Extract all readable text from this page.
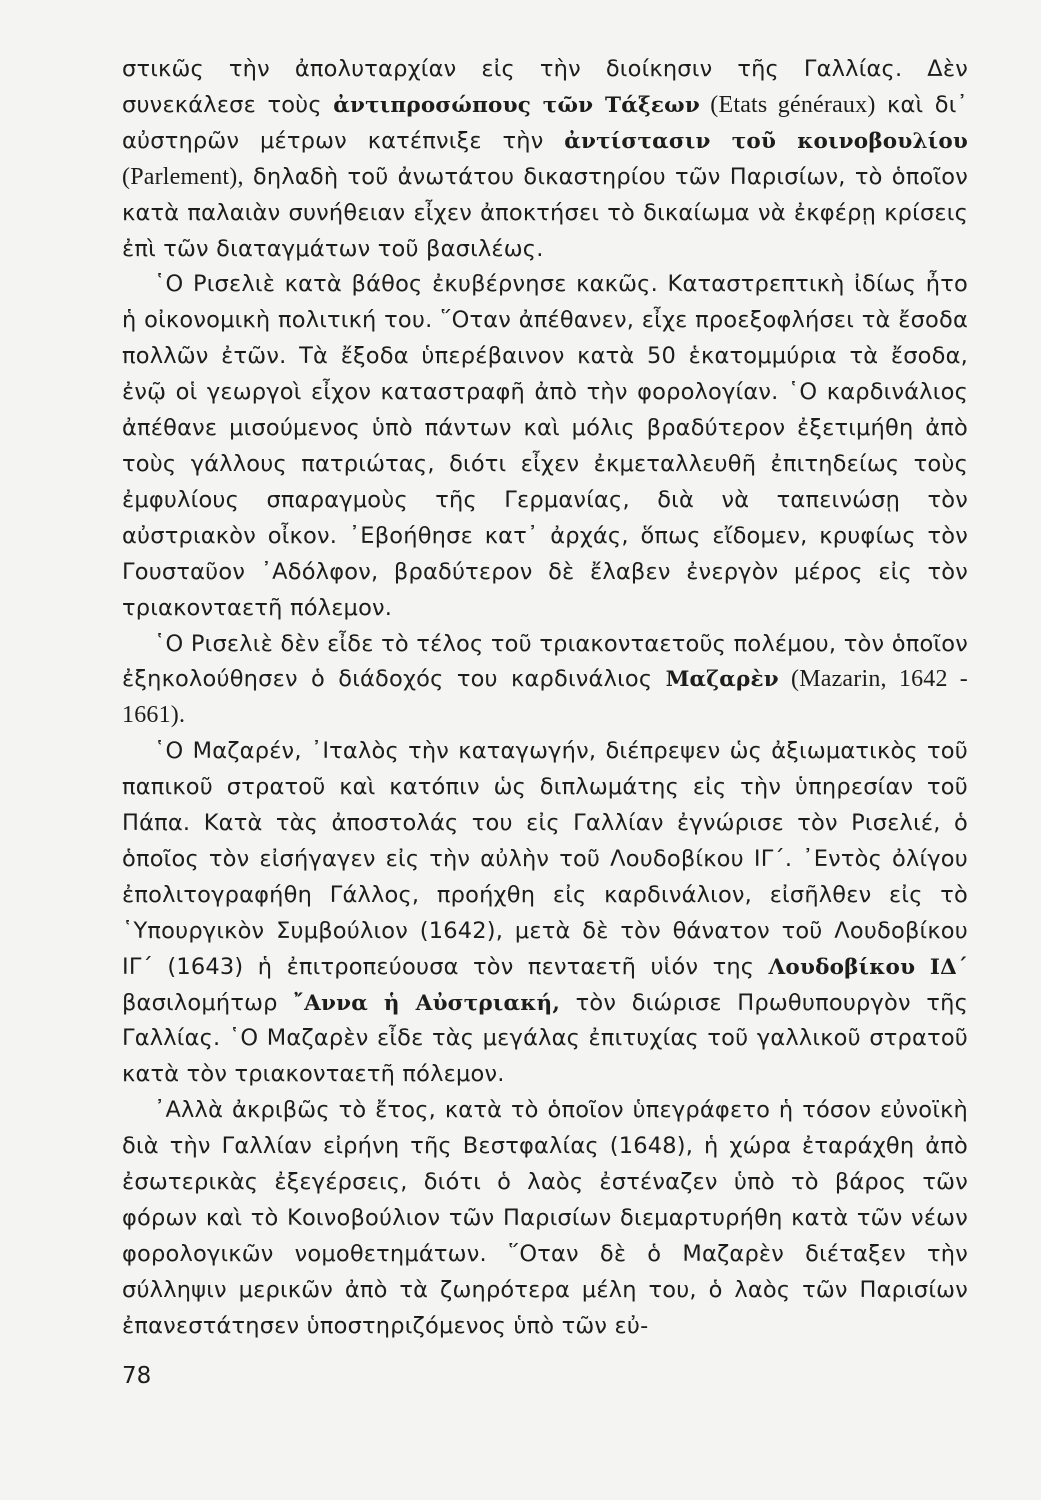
στικῶς τὴν ἀπολυταρχίαν εἰς τὴν διοίκησιν τῆς Γαλλίας. Δὲν συνεκάλεσε τοὺς ἀντιπροσώπους τῶν Τάξεων (Etats généraux) καὶ δι᾿ αὐστηρῶν μέτρων κατέπνιξε τὴν ἀντίστασιν τοῦ κοινοβουλίου (Parlement), δηλαδὴ τοῦ ἀνωτάτου δικαστηρίου τῶν Παρισίων, τὸ ὁποῖον κατὰ παλαιὰν συνήθειαν εἶχεν ἀποκτήσει τὸ δικαίωμα νὰ ἐκφέρῃ κρίσεις ἐπὶ τῶν διαταγμάτων τοῦ βασιλέως.

῾Ο Ρισελιὲ κατὰ βάθος ἐκυβέρνησε κακῶς. Καταστρεπτικὴ ἰδίως ἦτο ἡ οἰκονομικὴ πολιτική του. ῞Οταν ἀπέθανεν, εἶχε προεξοφλήσει τὰ ἔσοδα πολλῶν ἐτῶν. Τὰ ἔξοδα ὑπερέβαινον κατὰ 50 ἑκατομμύρια τὰ ἔσοδα, ἐνῷ οἱ γεωργοὶ εἶχον καταστραφῆ ἀπὸ τὴν φορολογίαν. ῾Ο καρδινάλιος ἀπέθανε μισούμενος ὑπὸ πάντων καὶ μόλις βραδύτερον ἐξετιμήθη ἀπὸ τοὺς γάλλους πατριώτας, διότι εἶχεν ἐκμεταλλευθῆ ἐπιτηδείως τοὺς ἐμφυλίους σπαραγμοὺς τῆς Γερμανίας, διὰ νὰ ταπεινώσῃ τὸν αὐστριακὸν οἶκον. ᾿Εβοήθησε κατ᾿ ἀρχάς, ὅπως εἴδομεν, κρυφίως τὸν Γουσταῦον ᾿Αδόλφον, βραδύτερον δὲ ἔλαβεν ἐνεργὸν μέρος εἰς τὸν τριακονταετῆ πόλεμον.

῾Ο Ρισελιὲ δὲν εἶδε τὸ τέλος τοῦ τριακονταετοῦς πολέμου, τὸν ὁποῖον ἐξηκολούθησεν ὁ διάδοχός του καρδινάλιος Μαζαρὲν (Mazarin, 1642 - 1661).

῾Ο Μαζαρέν, ᾿Ιταλὸς τὴν καταγωγήν, διέπρεψεν ὡς ἀξιωματικὸς τοῦ παπικοῦ στρατοῦ καὶ κατόπιν ὡς διπλωμάτης εἰς τὴν ὑπηρεσίαν τοῦ Πάπα. Κατὰ τὰς ἀποστολάς του εἰς Γαλλίαν ἐγνώρισε τὸν Ρισελιέ, ὁ ὁποῖος τὸν εἰσήγαγεν εἰς τὴν αὐλὴν τοῦ Λουδοβίκου ΙΓ΄. ᾿Εντὸς ὀλίγου ἐπολιτογραφήθη Γάλλος, προήχθη εἰς καρδινάλιον, εἰσῆλθεν εἰς τὸ ῾Υπουργικὸν Συμβούλιον (1642), μετὰ δὲ τὸν θάνατον τοῦ Λουδοβίκου ΙΓ΄ (1643) ἡ ἐπιτροπεύουσα τὸν πενταετῆ υἱόν της Λουδοβίκου ΙΔ΄ βασιλομήτωρ ῎Αννα ἡ Αὐστριακή, τὸν διώρισε Πρωθυπουργὸν τῆς Γαλλίας. ῾Ο Μαζαρὲν εἶδε τὰς μεγάλας ἐπιτυχίας τοῦ γαλλικοῦ στρατοῦ κατὰ τὸν τριακονταετῆ πόλεμον.

᾿Αλλὰ ἀκριβῶς τὸ ἔτος, κατὰ τὸ ὁποῖον ὑπεγράφετο ἡ τόσον εὐνοϊκὴ διὰ τὴν Γαλλίαν εἰρήνη τῆς Βεστφαλίας (1648), ἡ χώρα ἐταράχθη ἀπὸ ἐσωτερικὰς ἐξεγέρσεις, διότι ὁ λαὸς ἐστέναζεν ὑπὸ τὸ βάρος τῶν φόρων καὶ τὸ Κοινοβούλιον τῶν Παρισίων διεμαρτυρήθη κατὰ τῶν νέων φορολογικῶν νομοθετημάτων. ῞Οταν δὲ ὁ Μαζαρὲν διέταξεν τὴν σύλληψιν μερικῶν ἀπὸ τὰ ζωηρότερα μέλη του, ὁ λαὸς τῶν Παρισίων ἐπανεστάτησεν ὑποστηριζόμενος ὑπὸ τῶν εὐ-

78
